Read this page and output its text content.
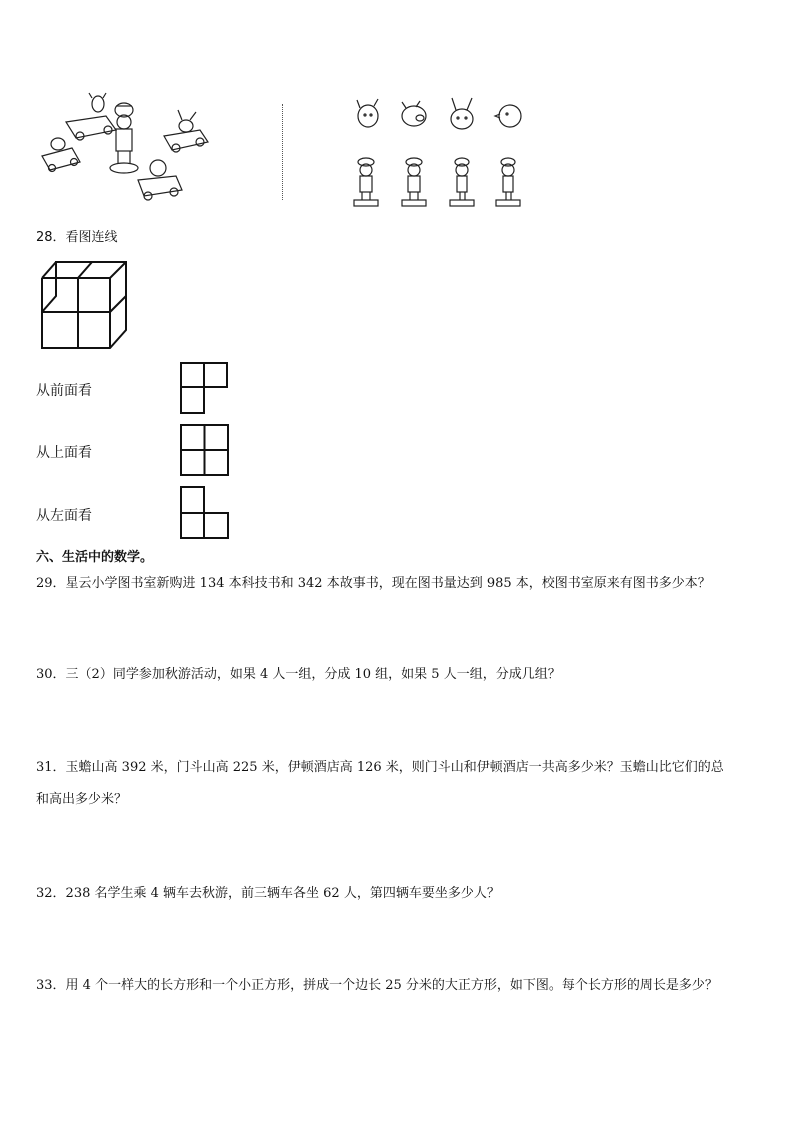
28．看图连线
从前面看
从上面看
从左面看
六、生活中的数学。
29．星云小学图书室新购进 134 本科技书和 342 本故事书，现在图书量达到 985 本，校图书室原来有图书多少本？
30．三（2）同学参加秋游活动，如果 4 人一组，分成 10 组，如果 5 人一组，分成几组？
31．玉蟾山高 392 米，门斗山高 225 米，伊顿酒店高 126 米，则门斗山和伊顿酒店一共高多少米？玉蟾山比它们的总
和高出多少米？
32．238 名学生乘 4 辆车去秋游，前三辆车各坐 62 人，第四辆车要坐多少人？
33．用 4 个一样大的长方形和一个小正方形，拼成一个边长 25 分米的大正方形，如下图。每个长方形的周长是多少？
